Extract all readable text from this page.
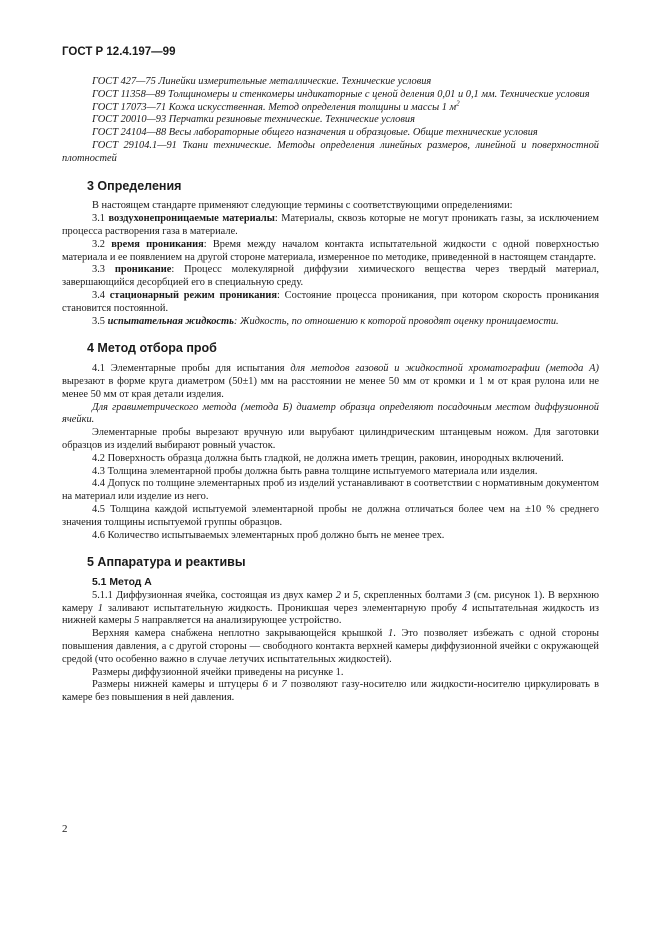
ГОСТ Р 12.4.197—99

ГОСТ 427—75 Линейки измерительные металлические. Технические условия

ГОСТ 11358—89 Толщиномеры и стенкомеры индикаторные с ценой деления 0,01 и 0,1 мм. Технические условия

ГОСТ 17073—71 Кожа искусственная. Метод определения толщины и массы 1 $м^2$

ГОСТ 20010—93 Перчатки резиновые технические. Технические условия

ГОСТ 24104—88 Весы лабораторные общего назначения и образцовые. Общие технические условия

ГОСТ 29104.1—91 Ткани технические. Методы определения линейных размеров, линейной и поверхностной плотностей

3 Определения

В настоящем стандарте применяют следующие термины с соответствующими определениями:

3.1 воздухонепроницаемые материалы: Материалы, сквозь которые не могут проникать газы, за исключением процесса растворения газа в материале.

3.2 время проникания: Время между началом контакта испытательной жидкости с одной поверхностью материала и ее появлением на другой стороне материала, измеренное по методике, приведенной в настоящем стандарте.

3.3 проникание: Процесс молекулярной диффузии химического вещества через твердый материал, завершающийся десорбцией его в специальную среду.

3.4 стационарный режим проникания: Состояние процесса проникания, при котором скорость проникания становится постоянной.

3.5 испытательная жидкость: Жидкость, по отношению к которой проводят оценку проницаемости.

4 Метод отбора проб

4.1 Элементарные пробы для испытания для методов газовой и жидкостной хроматографии (метода А) вырезают в форме круга диаметром (50±1) мм на расстоянии не менее 50 мм от кромки и 1 м от края рулона или не менее 50 мм от края детали изделия.

Для гравиметрического метода (метода Б) диаметр образца определяют посадочным местом диффузионной ячейки.

Элементарные пробы вырезают вручную или вырубают цилиндрическим штанцевым ножом. Для заготовки образцов из изделий выбирают ровный участок.

4.2 Поверхность образца должна быть гладкой, не должна иметь трещин, раковин, инородных включений.

4.3 Толщина элементарной пробы должна быть равна толщине испытуемого материала или изделия.

4.4 Допуск по толщине элементарных проб из изделий устанавливают в соответствии с нормативным документом на материал или изделие из него.

4.5 Толщина каждой испытуемой элементарной пробы не должна отличаться более чем на ±10 % среднего значения толщины испытуемой группы образцов.

4.6 Количество испытываемых элементарных проб должно быть не менее трех.

5 Аппаратура и реактивы

5.1 Метод А

5.1.1 Диффузионная ячейка, состоящая из двух камер 2 и 5, скрепленных болтами 3 (см. рисунок 1). В верхнюю камеру 1 заливают испытательную жидкость. Проникшая через элементарную пробу 4 испытательная жидкость из нижней камеры 5 направляется на анализирующее устройство.

Верхняя камера снабжена неплотно закрывающейся крышкой 1. Это позволяет избежать с одной стороны повышения давления, а с другой стороны — свободного контакта верхней камеры диффузионной ячейки с окружающей средой (что особенно важно в случае летучих испытательных жидкостей).

Размеры диффузионной ячейки приведены на рисунке 1.

Размеры нижней камеры и штуцеры 6 и 7 позволяют газу-носителю или жидкости-носителю циркулировать в камере без повышения в ней давления.

2
